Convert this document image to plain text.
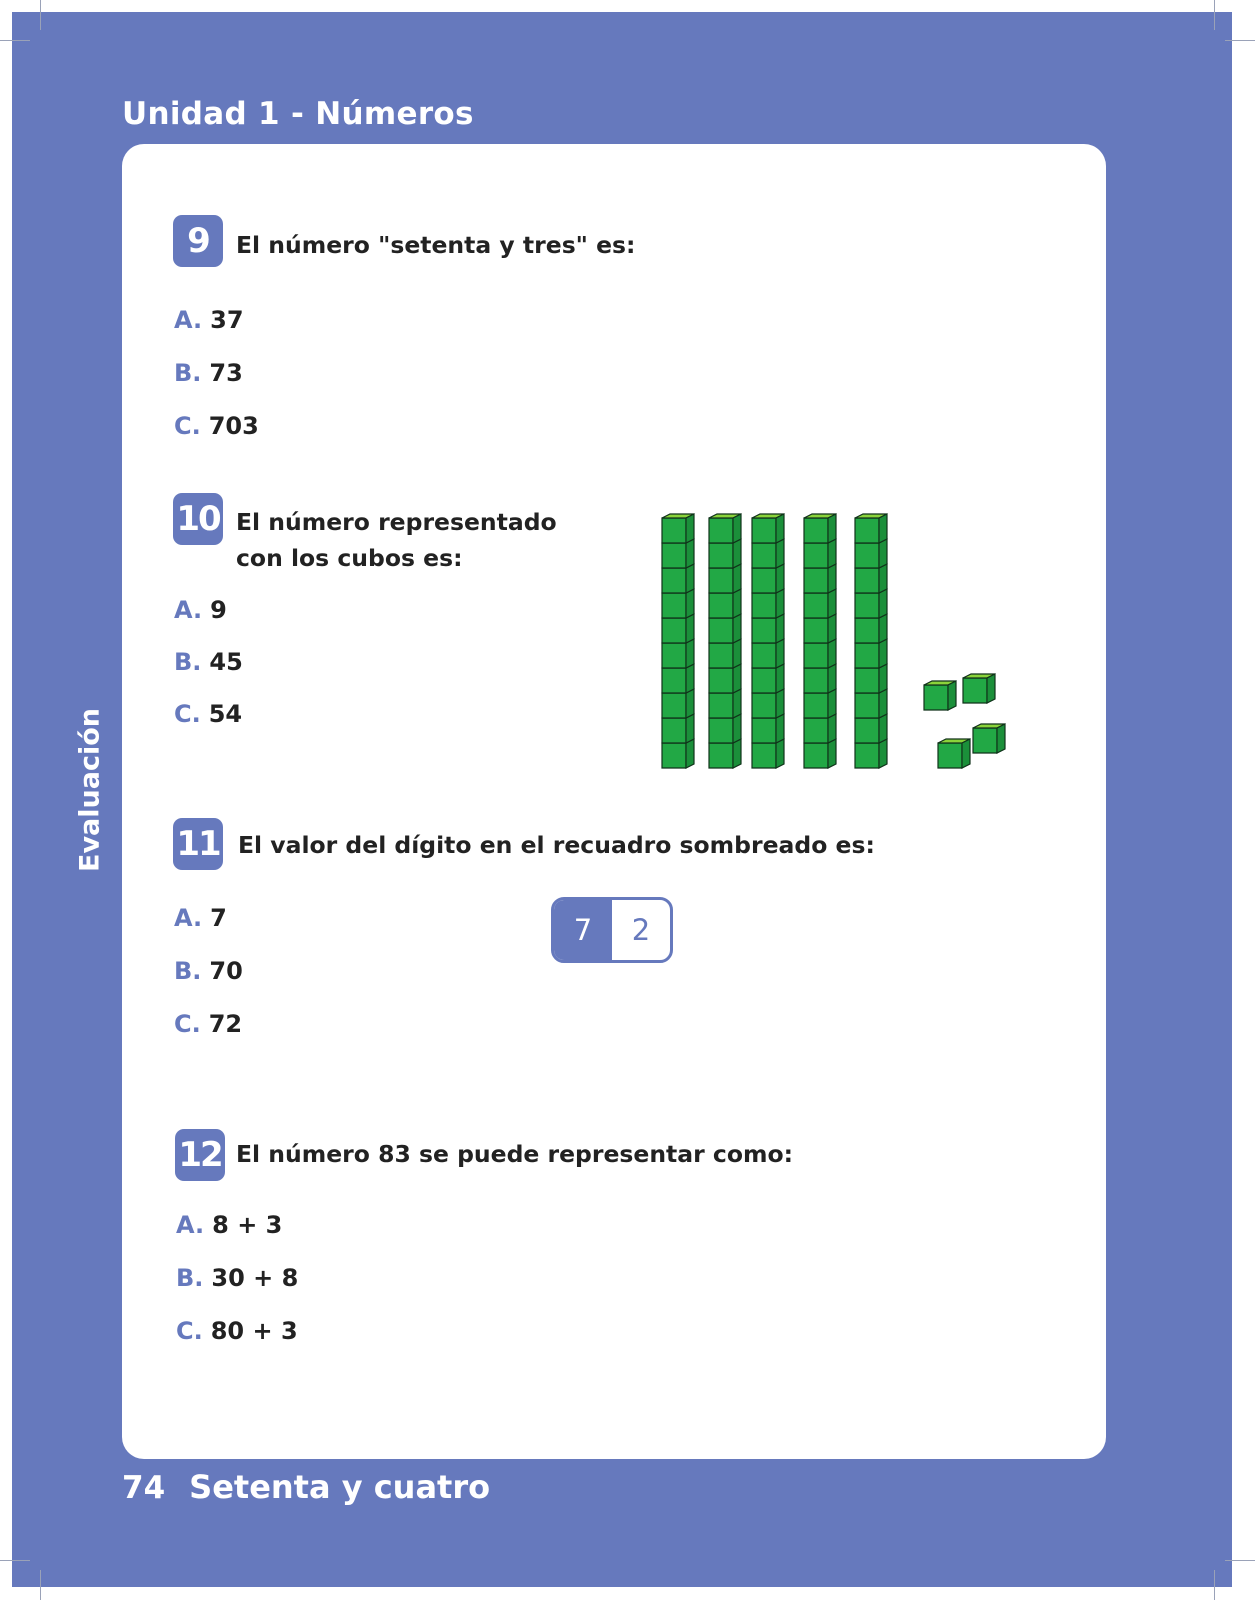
Unidad 1 - Números
Evaluación
9	El número "setenta y tres" es:
A. 37
B. 73
C. 703
10 El número representado
con los cubos es:
A. 9
B. 45
C. 54
11 El valor del dígito en el recuadro sombreado es:
A. 7
B. 70
C. 72
7	2
12 El número 83 se puede representar como:
A. 8 + 3
B. 30 + 8
C. 80 + 3
74 Setenta y cuatro
